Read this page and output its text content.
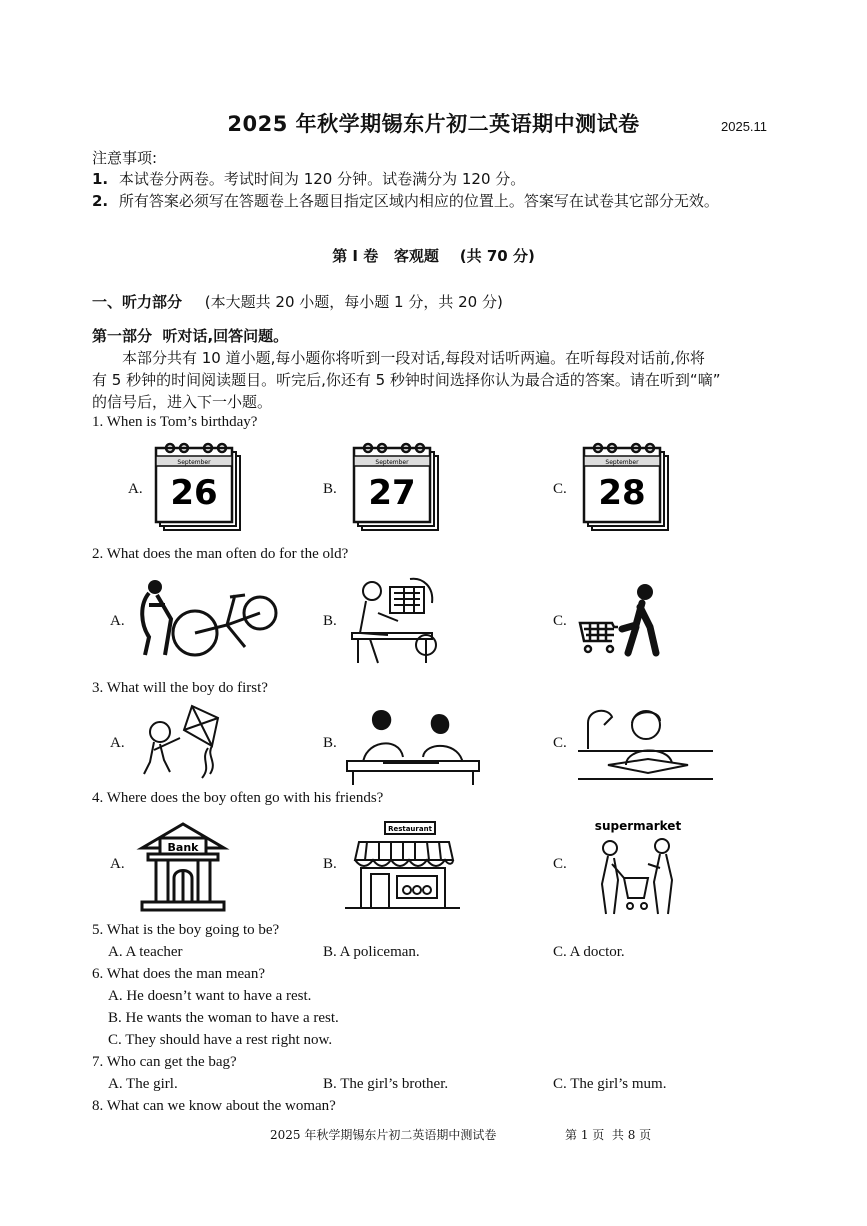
2025 年秋学期锡东片初二英语期中测试卷	2025.11
注意事项:
1. 本试卷分两卷。考试时间为 120 分钟。试卷满分为 120 分。
2. 所有答案必须写在答题卷上各题目指定区域内相应的位置上。答案写在试卷其它部分无效。
第 I 卷   客观题    (共 70 分)
一、听力部分 (本大题共 20 小题，每小题 1 分，共 20 分)
第一部分  听对话,回答问题。
本部分共有 10 道小题,每小题你将听到一段对话,每段对话听两遍。在听每段对话前,你将
有 5 秒钟的时间阅读题目。听完后,你还有 5 秒钟时间选择你认为最合适的答案。请在听到“嘀”
的信号后，进入下一小题。
1. When is Tom’s birthday?
A.	B.	C.
September
26
September
27
September
28
2. What does the man often do for the old?
A.	B.	C.
3. What will the boy do first?
A.	B.	C.
4. Where does the boy often go with his friends?
A.	B.	C.
Bank
Restaurant	supermarket
5. What is the boy going to be?
A. A teacher	B. A policeman.	C. A doctor.
6. What does the man mean?
A. He doesn’t want to have a rest.
B. He wants the woman to have a rest.
C. They should have a rest right now.
7. Who can get the bag?
A. The girl.	B. The girl’s brother.	C. The girl’s mum.
8. What can we know about the woman?
2025 年秋学期锡东片初二英语期中测试卷	第 1 页  共 8 页
